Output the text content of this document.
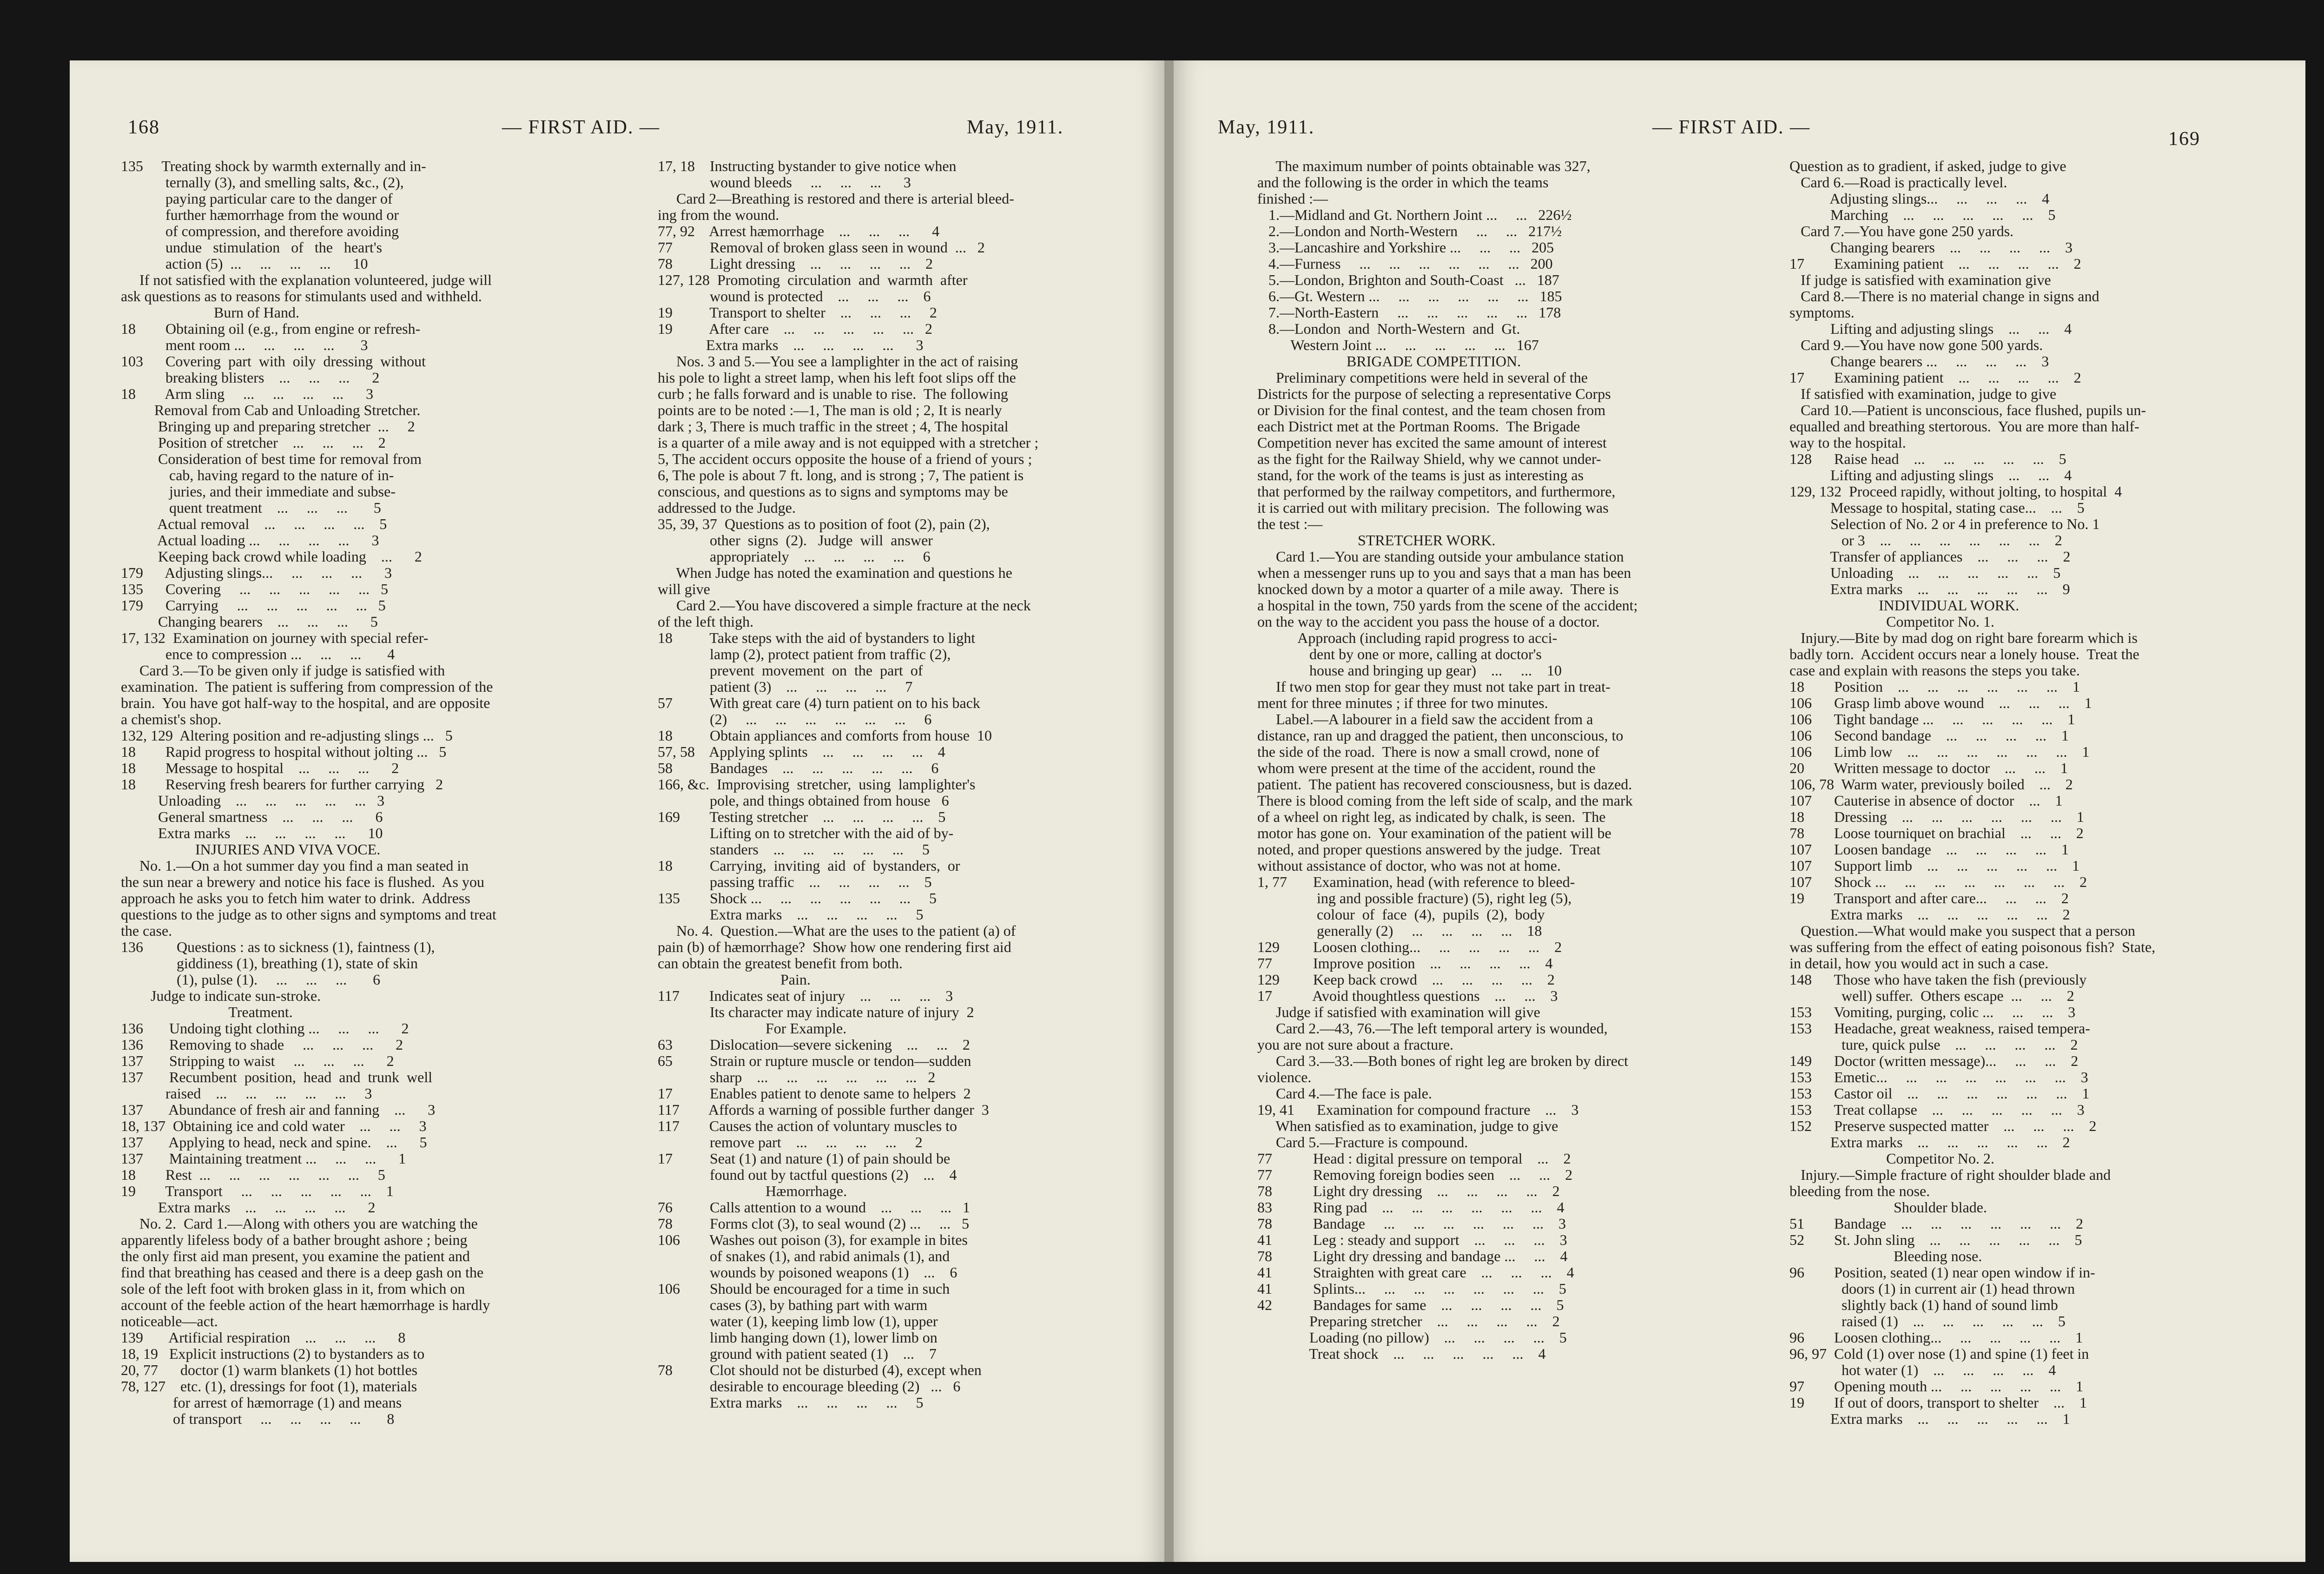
168	— FIRST AID. —	May, 1911.
135     Treating shock by warmth externally and in-
ternally (3), and smelling salts, &c., (2),
paying particular care to the danger of
further hæmorrhage from the wound or
of compression, and therefore avoiding
undue   stimulation   of   the   heart's
action (5)  ...     ...     ...     ...      10
If not satisfied with the explanation volunteered, judge will
ask questions as to reasons for stimulants used and withheld.
Burn of Hand.
18        Obtaining oil (e.g., from engine or refresh-
ment room ...     ...     ...     ...       3
103      Covering  part  with  oily  dressing  without
breaking blisters    ...     ...     ...      2
18        Arm sling     ...     ...     ...     ...      3
Removal from Cab and Unloading Stretcher.
Bringing up and preparing stretcher  ...     2
Position of stretcher    ...     ...     ...    2
Consideration of best time for removal from
cab, having regard to the nature of in-
juries, and their immediate and subse-
quent treatment    ...     ...     ...       5
Actual removal    ...     ...     ...     ...    5
Actual loading ...     ...     ...     ...      3
Keeping back crowd while loading    ...      2
179      Adjusting slings...     ...     ...     ...      3
135      Covering     ...     ...     ...     ...     ...   5
179      Carrying     ...     ...     ...     ...     ...   5
Changing bearers    ...     ...     ...      5
17, 132  Examination on journey with special refer-
ence to compression ...     ...     ...       4
Card 3.—To be given only if judge is satisfied with
examination.  The patient is suffering from compression of the
brain.  You have got half-way to the hospital, and are opposite
a chemist's shop.
132, 129  Altering position and re-adjusting slings ...   5
18        Rapid progress to hospital without jolting ...   5
18        Message to hospital    ...     ...     ...      2
18        Reserving fresh bearers for further carrying   2
Unloading    ...     ...     ...     ...     ...   3
General smartness    ...     ...     ...      6
Extra marks    ...     ...     ...     ...      10
INJURIES AND VIVA VOCE.
No. 1.—On a hot summer day you find a man seated in
the sun near a brewery and notice his face is flushed.  As you
approach he asks you to fetch him water to drink.  Address
questions to the judge as to other signs and symptoms and treat
the case.
136         Questions : as to sickness (1), faintness (1),
giddiness (1), breathing (1), state of skin
(1), pulse (1).     ...     ...     ...       6
Judge to indicate sun-stroke.
Treatment.
136       Undoing tight clothing ...     ...     ...      2
136       Removing to shade     ...     ...     ...      2
137       Stripping to waist     ...     ...     ...      2
137       Recumbent  position,  head  and  trunk  well
raised    ...     ...     ...     ...     ...     3
137       Abundance of fresh air and fanning    ...      3
18, 137  Obtaining ice and cold water    ...     ...     3
137       Applying to head, neck and spine.    ...      5
137       Maintaining treatment ...     ...     ...      1
18        Rest  ...     ...     ...     ...     ...     ...     5
19        Transport     ...     ...     ...     ...     ...    1
Extra marks    ...     ...     ...     ...      2
No. 2.  Card 1.—Along with others you are watching the
apparently lifeless body of a bather brought ashore ; being
the only first aid man present, you examine the patient and
find that breathing has ceased and there is a deep gash on the
sole of the left foot with broken glass in it, from which on
account of the feeble action of the heart hæmorrhage is hardly
noticeable—act.
139       Artificial respiration    ...     ...     ...      8
18, 19   Explicit instructions (2) to bystanders as to
20, 77      doctor (1) warm blankets (1) hot bottles
78, 127    etc. (1), dressings for foot (1), materials
for arrest of hæmorrage (1) and means
of transport     ...     ...     ...     ...       8
17, 18    Instructing bystander to give notice when
wound bleeds     ...     ...     ...      3
Card 2—Breathing is restored and there is arterial bleed-
ing from the wound.
77, 92    Arrest hæmorrhage    ...     ...     ...      4
77          Removal of broken glass seen in wound  ...   2
78          Light dressing    ...     ...     ...     ...    2
127, 128  Promoting  circulation  and  warmth  after
wound is protected    ...     ...     ...    6
19          Transport to shelter    ...     ...     ...     2
19          After care    ...     ...     ...     ...     ...   2
Extra marks    ...     ...     ...     ...      3
Nos. 3 and 5.—You see a lamplighter in the act of raising
his pole to light a street lamp, when his left foot slips off the
curb ; he falls forward and is unable to rise.  The following
points are to be noted :—1, The man is old ; 2, It is nearly
dark ; 3, There is much traffic in the street ; 4, The hospital
is a quarter of a mile away and is not equipped with a stretcher ;
5, The accident occurs opposite the house of a friend of yours ;
6, The pole is about 7 ft. long, and is strong ; 7, The patient is
conscious, and questions as to signs and symptoms may be
addressed to the Judge.
35, 39, 37  Questions as to position of foot (2), pain (2),
other  signs  (2).   Judge  will  answer
appropriately    ...     ...     ...     ...     6
When Judge has noted the examination and questions he
will give
Card 2.—You have discovered a simple fracture at the neck
of the left thigh.
18          Take steps with the aid of bystanders to light
lamp (2), protect patient from traffic (2),
prevent  movement  on  the  part  of
patient (3)    ...     ...     ...     ...     7
57          With great care (4) turn patient on to his back
(2)     ...     ...     ...     ...     ...     ...     6
18          Obtain appliances and comforts from house  10
57, 58    Applying splints    ...     ...     ...     ...    4
58          Bandages    ...     ...     ...     ...     ...     6
166, &c.  Improvising  stretcher,  using  lamplighter's
pole, and things obtained from house   6
169        Testing stretcher    ...     ...     ...     ...    5
Lifting on to stretcher with the aid of by-
standers    ...     ...     ...     ...     ...     5
18          Carrying,  inviting  aid  of  bystanders,  or
passing traffic    ...     ...     ...     ...    5
135        Shock ...     ...     ...     ...     ...     ...     5
Extra marks    ...     ...     ...     ...     5
No. 4.  Question.—What are the uses to the patient (a) of
pain (b) of hæmorrhage?  Show how one rendering first aid
can obtain the greatest benefit from both.
Pain.
117        Indicates seat of injury    ...     ...     ...    3
Its character may indicate nature of injury  2
For Example.
63          Dislocation—severe sickening    ...     ...    2
65          Strain or rupture muscle or tendon—sudden
sharp    ...     ...     ...     ...     ...     ...   2
17          Enables patient to denote same to helpers  2
117        Affords a warning of possible further danger  3
117        Causes the action of voluntary muscles to
remove part    ...     ...     ...     ...     2
17          Seat (1) and nature (1) of pain should be
found out by tactful questions (2)    ...    4
Hæmorrhage.
76          Calls attention to a wound    ...     ...     ...   1
78          Forms clot (3), to seal wound (2) ...     ...   5
106        Washes out poison (3), for example in bites
of snakes (1), and rabid animals (1), and
wounds by poisoned weapons (1)    ...    6
106        Should be encouraged for a time in such
cases (3), by bathing part with warm
water (1), keeping limb low (1), upper
limb hanging down (1), lower limb on
ground with patient seated (1)    ...    7
78          Clot should not be disturbed (4), except when
desirable to encourage bleeding (2)   ...   6
Extra marks    ...     ...     ...     ...     5
May, 1911.	— FIRST AID. —
169
The maximum number of points obtainable was 327,
and the following is the order in which the teams
finished :—
1.—Midland and Gt. Northern Joint ...     ...   226½
2.—London and North-Western     ...     ...   217½
3.—Lancashire and Yorkshire ...     ...     ...   205
4.—Furness     ...     ...     ...     ...     ...     ...   200
5.—London, Brighton and South-Coast   ...   187
6.—Gt. Western ...     ...     ...     ...     ...     ...   185
7.—North-Eastern     ...     ...     ...     ...     ...   178
8.—London  and  North-Western  and  Gt.
Western Joint ...     ...     ...     ...     ...   167
BRIGADE COMPETITION.
Preliminary competitions were held in several of the
Districts for the purpose of selecting a representative Corps
or Division for the final contest, and the team chosen from
each District met at the Portman Rooms.  The Brigade
Competition never has excited the same amount of interest
as the fight for the Railway Shield, why we cannot under-
stand, for the work of the teams is just as interesting as
that performed by the railway competitors, and furthermore,
it is carried out with military precision.  The following was
the test :—
STRETCHER WORK.
Card 1.—You are standing outside your ambulance station
when a messenger runs up to you and says that a man has been
knocked down by a motor a quarter of a mile away.  There is
a hospital in the town, 750 yards from the scene of the accident;
on the way to the accident you pass the house of a doctor.
Approach (including rapid progress to acci-
dent by one or more, calling at doctor's
house and bringing up gear)    ...     ...    10
If two men stop for gear they must not take part in treat-
ment for three minutes ; if three for two minutes.
Label.—A labourer in a field saw the accident from a
distance, ran up and dragged the patient, then unconscious, to
the side of the road.  There is now a small crowd, none of
whom were present at the time of the accident, round the
patient.  The patient has recovered consciousness, but is dazed.
There is blood coming from the left side of scalp, and the mark
of a wheel on right leg, as indicated by chalk, is seen.  The
motor has gone on.  Your examination of the patient will be
noted, and proper questions answered by the judge.  Treat
without assistance of doctor, who was not at home.
1, 77       Examination, head (with reference to bleed-
ing and possible fracture) (5), right leg (5),
colour  of  face  (4),  pupils  (2),  body
generally (2)     ...     ...     ...     ...    18
129         Loosen clothing...     ...     ...     ...     ...    2
77           Improve position    ...     ...     ...     ...    4
129         Keep back crowd    ...     ...     ...     ...    2
17           Avoid thoughtless questions    ...     ...    3
Judge if satisfied with examination will give
Card 2.—43, 76.—The left temporal artery is wounded,
you are not sure about a fracture.
Card 3.—33.—Both bones of right leg are broken by direct
violence.
Card 4.—The face is pale.
19, 41      Examination for compound fracture    ...    3
When satisfied as to examination, judge to give
Card 5.—Fracture is compound.
77           Head : digital pressure on temporal    ...    2
77           Removing foreign bodies seen    ...     ...    2
78           Light dry dressing    ...     ...     ...     ...    2
83           Ring pad    ...     ...     ...     ...     ...     ...    4
78           Bandage     ...     ...     ...     ...     ...     ...    3
41           Leg : steady and support    ...     ...     ...    3
78           Light dry dressing and bandage ...     ...    4
41           Straighten with great care    ...     ...     ...    4
41           Splints...     ...     ...     ...     ...     ...     ...    5
42           Bandages for same    ...     ...     ...     ...    5
Preparing stretcher    ...     ...     ...     ...    2
Loading (no pillow)    ...     ...     ...     ...    5
Treat shock    ...     ...     ...     ...     ...    4
Question as to gradient, if asked, judge to give
Card 6.—Road is practically level.
Adjusting slings...     ...     ...     ...    4
Marching    ...     ...     ...     ...     ...    5
Card 7.—You have gone 250 yards.
Changing bearers    ...     ...     ...     ...    3
17        Examining patient    ...     ...     ...     ...    2
If judge is satisfied with examination give
Card 8.—There is no material change in signs and
symptoms.
Lifting and adjusting slings    ...     ...    4
Card 9.—You have now gone 500 yards.
Change bearers ...     ...     ...     ...    3
17        Examining patient    ...     ...     ...     ...    2
If satisfied with examination, judge to give
Card 10.—Patient is unconscious, face flushed, pupils un-
equalled and breathing stertorous.  You are more than half-
way to the hospital.
128      Raise head    ...     ...     ...     ...     ...    5
Lifting and adjusting slings    ...     ...    4
129, 132  Proceed rapidly, without jolting, to hospital  4
Message to hospital, stating case...    ...    5
Selection of No. 2 or 4 in preference to No. 1
or 3    ...     ...     ...     ...     ...     ...    2
Transfer of appliances    ...     ...     ...    2
Unloading    ...     ...     ...     ...     ...    5
Extra marks    ...     ...     ...     ...     ...    9
INDIVIDUAL WORK.
Competitor No. 1.
Injury.—Bite by mad dog on right bare forearm which is
badly torn.  Accident occurs near a lonely house.  Treat the
case and explain with reasons the steps you take.
18        Position    ...     ...     ...     ...     ...     ...    1
106      Grasp limb above wound    ...     ...     ...    1
106      Tight bandage ...     ...     ...     ...     ...    1
106      Second bandage    ...     ...     ...     ...    1
106      Limb low    ...     ...     ...     ...     ...     ...    1
20        Written message to doctor    ...     ...    1
106, 78  Warm water, previously boiled    ...    2
107      Cauterise in absence of doctor    ...    1
18        Dressing    ...     ...     ...     ...     ...     ...    1
78        Loose tourniquet on brachial    ...     ...    2
107      Loosen bandage    ...     ...     ...     ...    1
107      Support limb    ...     ...     ...     ...     ...    1
107      Shock ...     ...     ...     ...     ...     ...     ...    2
19        Transport and after care...     ...     ...    2
Extra marks    ...     ...     ...     ...     ...    2
Question.—What would make you suspect that a person
was suffering from the effect of eating poisonous fish?  State,
in detail, how you would act in such a case.
148      Those who have taken the fish (previously
well) suffer.  Others escape  ...     ...    2
153      Vomiting, purging, colic ...     ...     ...    3
153      Headache, great weakness, raised tempera-
ture, quick pulse    ...     ...     ...     ...    2
149      Doctor (written message)...     ...     ...    2
153      Emetic...     ...     ...     ...     ...     ...     ...    3
153      Castor oil    ...     ...     ...     ...     ...     ...    1
153      Treat collapse    ...     ...     ...     ...     ...    3
152      Preserve suspected matter    ...     ...     ...    2
Extra marks    ...     ...     ...     ...     ...    2
Competitor No. 2.
Injury.—Simple fracture of right shoulder blade and
bleeding from the nose.
Shoulder blade.
51        Bandage    ...     ...     ...     ...     ...     ...    2
52        St. John sling    ...     ...     ...     ...     ...    5
Bleeding nose.
96        Position, seated (1) near open window if in-
doors (1) in current air (1) head thrown
slightly back (1) hand of sound limb
raised (1)    ...     ...     ...     ...     ...    5
96        Loosen clothing...     ...     ...     ...     ...    1
96, 97  Cold (1) over nose (1) and spine (1) feet in
hot water (1)    ...     ...     ...     ...    4
97        Opening mouth ...     ...     ...     ...     ...    1
19        If out of doors, transport to shelter    ...    1
Extra marks    ...     ...     ...     ...     ...    1
